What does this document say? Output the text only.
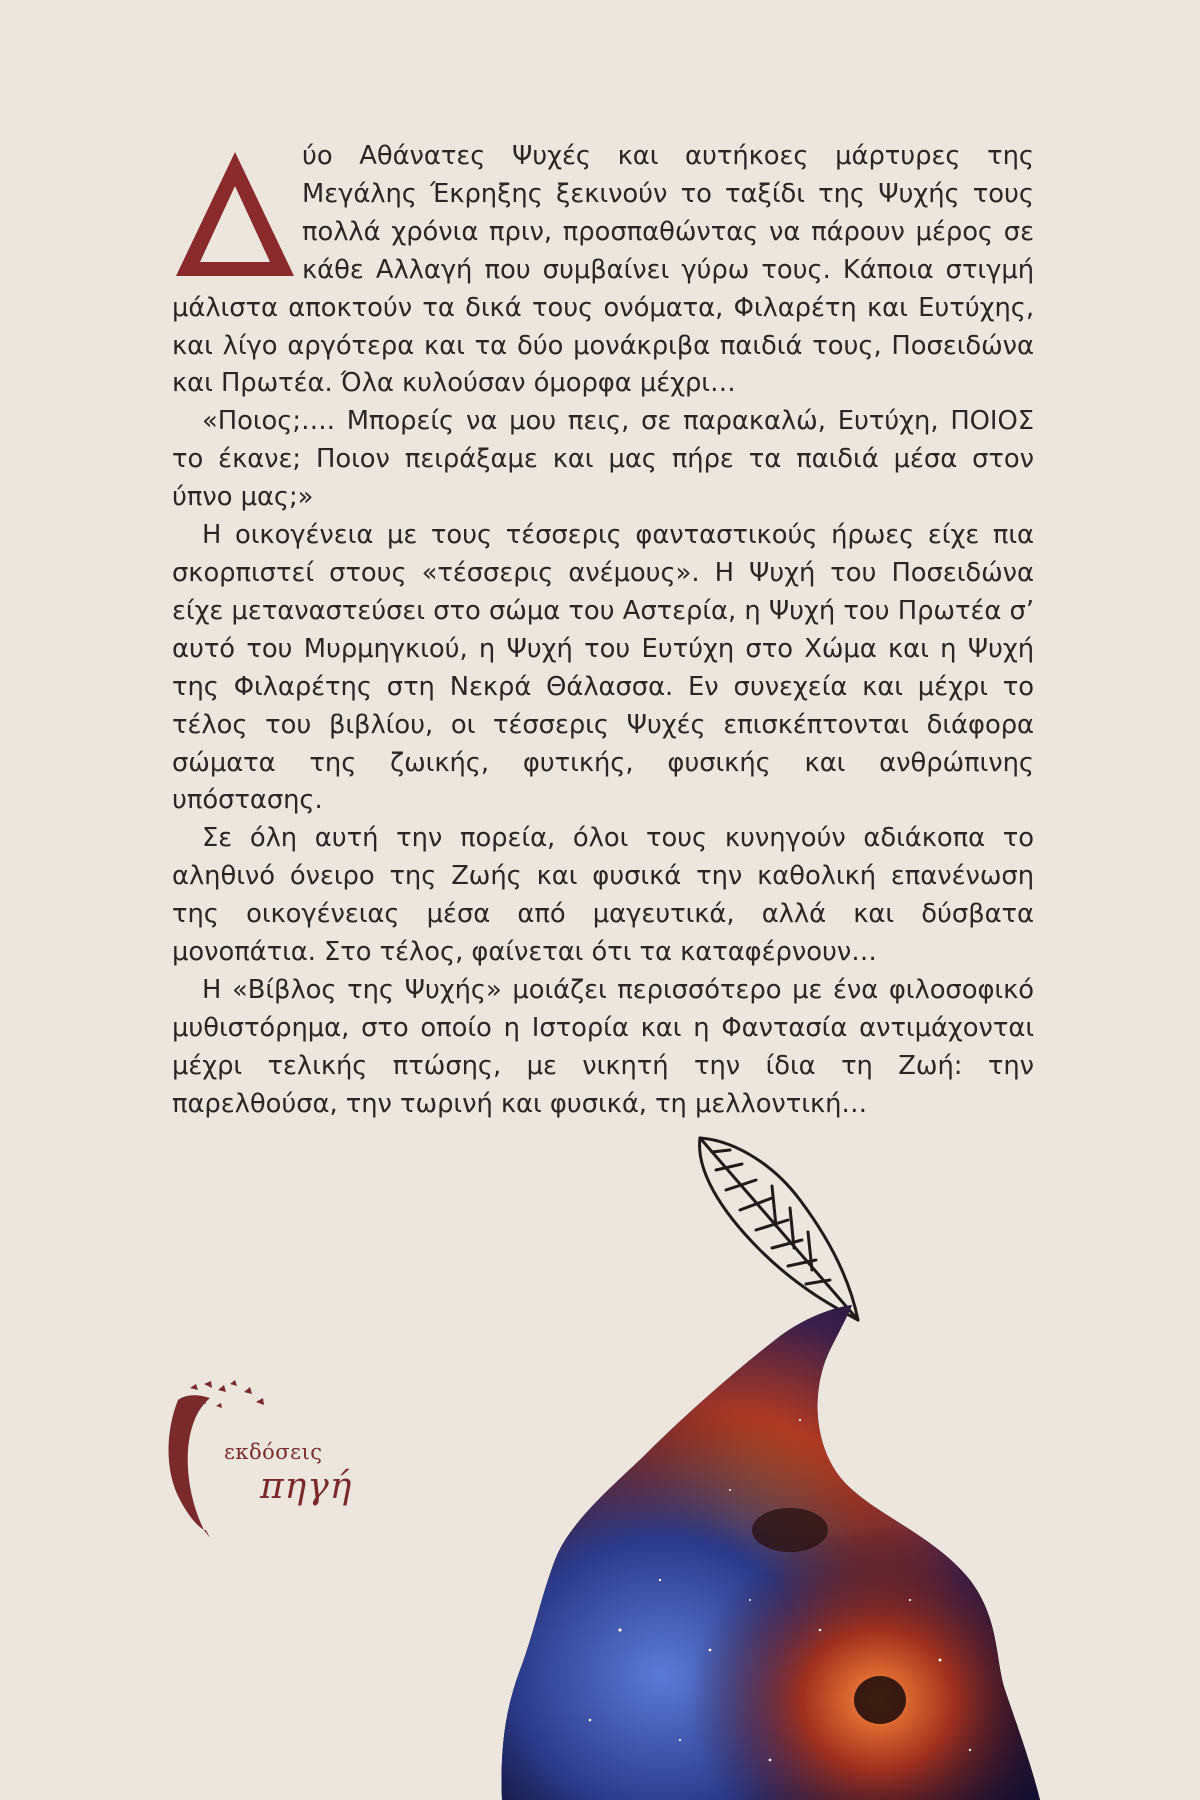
ύο Αθάνατες Ψυχές και αυτήκοες μάρτυρες της Μεγάλης Έκρηξης ξεκινούν το ταξίδι της Ψυχής τους πολλά χρόνια πριν, προσπαθώντας να πάρουν μέρος σε κάθε Αλλαγή που συμβαίνει γύρω τους. Κάποια στιγμή μάλιστα αποκτούν τα δικά τους ονόματα, Φιλαρέτη και Ευτύχης, και λίγο αργότερα και τα δύο μονάκριβα παιδιά τους, Ποσειδώνα και Πρωτέα. Όλα κυλούσαν όμορφα μέχρι…

«Ποιος;…. Μπορείς να μου πεις, σε παρακαλώ, Ευτύχη, ΠΟΙΟΣ το έκανε; Ποιον πειράξαμε και μας πήρε τα παιδιά μέσα στον ύπνο μας;»

Η οικογένεια με τους τέσσερις φανταστικούς ήρωες είχε πια σκορπιστεί στους «τέσσερις ανέμους». Η Ψυχή του Ποσειδώνα είχε μεταναστεύσει στο σώμα του Αστερία, η Ψυχή του Πρωτέα σ’ αυτό του Μυρμηγκιού, η Ψυχή του Ευτύχη στο Χώμα και η Ψυχή της Φιλαρέτης στη Νεκρά Θάλασσα. Εν συνεχεία και μέχρι το τέλος του βιβλίου, οι τέσσερις Ψυχές επισκέπτονται διάφορα σώματα της ζωικής, φυτικής, φυσικής και ανθρώπινης υπόστασης.

Σε όλη αυτή την πορεία, όλοι τους κυνηγούν αδιάκοπα το αληθινό όνειρο της Ζωής και φυσικά την καθολική επανένωση της οικογένειας μέσα από μαγευτικά, αλλά και δύσβατα μονοπάτια. Στο τέλος, φαίνεται ότι τα καταφέρνουν…

Η «Βίβλος της Ψυχής» μοιάζει περισσότερο με ένα φιλοσοφικό μυθιστόρημα, στο οποίο η Ιστορία και η Φαντασία αντιμάχονται μέχρι τελικής πτώσης, με νικητή την ίδια τη Ζωή: την παρελθούσα, την τωρινή και φυσικά, τη μελλοντική…

εκδόσεις
πηγή
